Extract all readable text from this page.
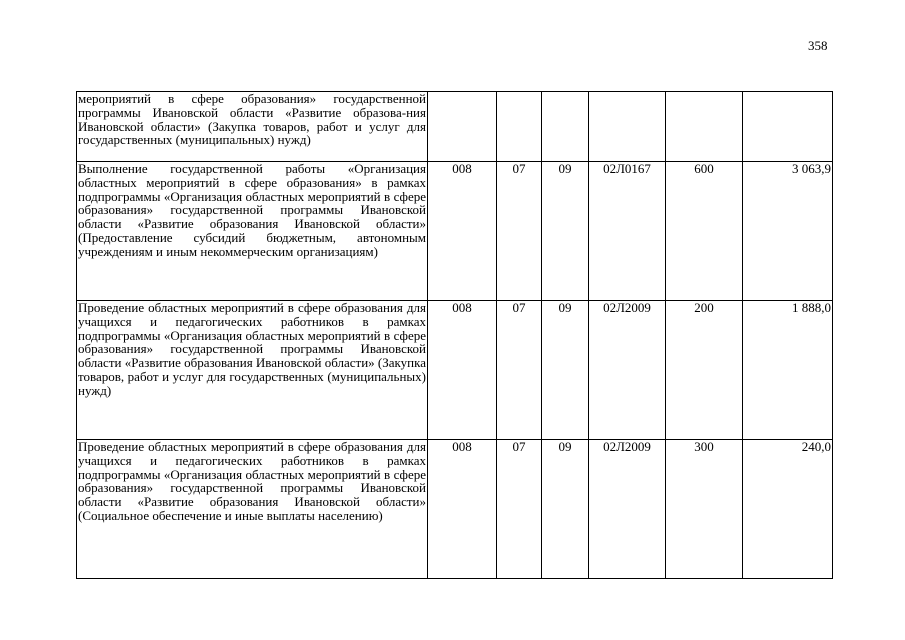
358
мероприятий в сфере образования» государственной программы Ивановской области «Развитие образова-ния Ивановской области» (Закупка товаров, работ и услуг для государственных (муниципальных) нужд)						
Выполнение государственной работы «Организация областных мероприятий в сфере образования» в рамках подпрограммы «Организация областных мероприятий в сфере образования» государственной программы Ивановской области «Развитие образования Ивановской области» (Предоставление субсидий бюджетным, автономным учреждениям и иным некоммерческим организациям)	008	07	09	02Л0167	600	3 063,9
Проведение областных мероприятий в сфере образования для учащихся и педагогических работников в рамках подпрограммы «Организация областных мероприятий в сфере образования» государственной программы Ивановской области «Развитие образования Ивановской области» (Закупка товаров, работ и услуг для государственных (муниципальных) нужд)	008	07	09	02Л2009	200	1 888,0
Проведение областных мероприятий в сфере образования для учащихся и педагогических работников в рамках подпрограммы «Организация областных мероприятий в сфере образования» государственной программы Ивановской области «Развитие образования Ивановской области» (Социальное обеспечение и иные выплаты населению)	008	07	09	02Л2009	300	240,0
